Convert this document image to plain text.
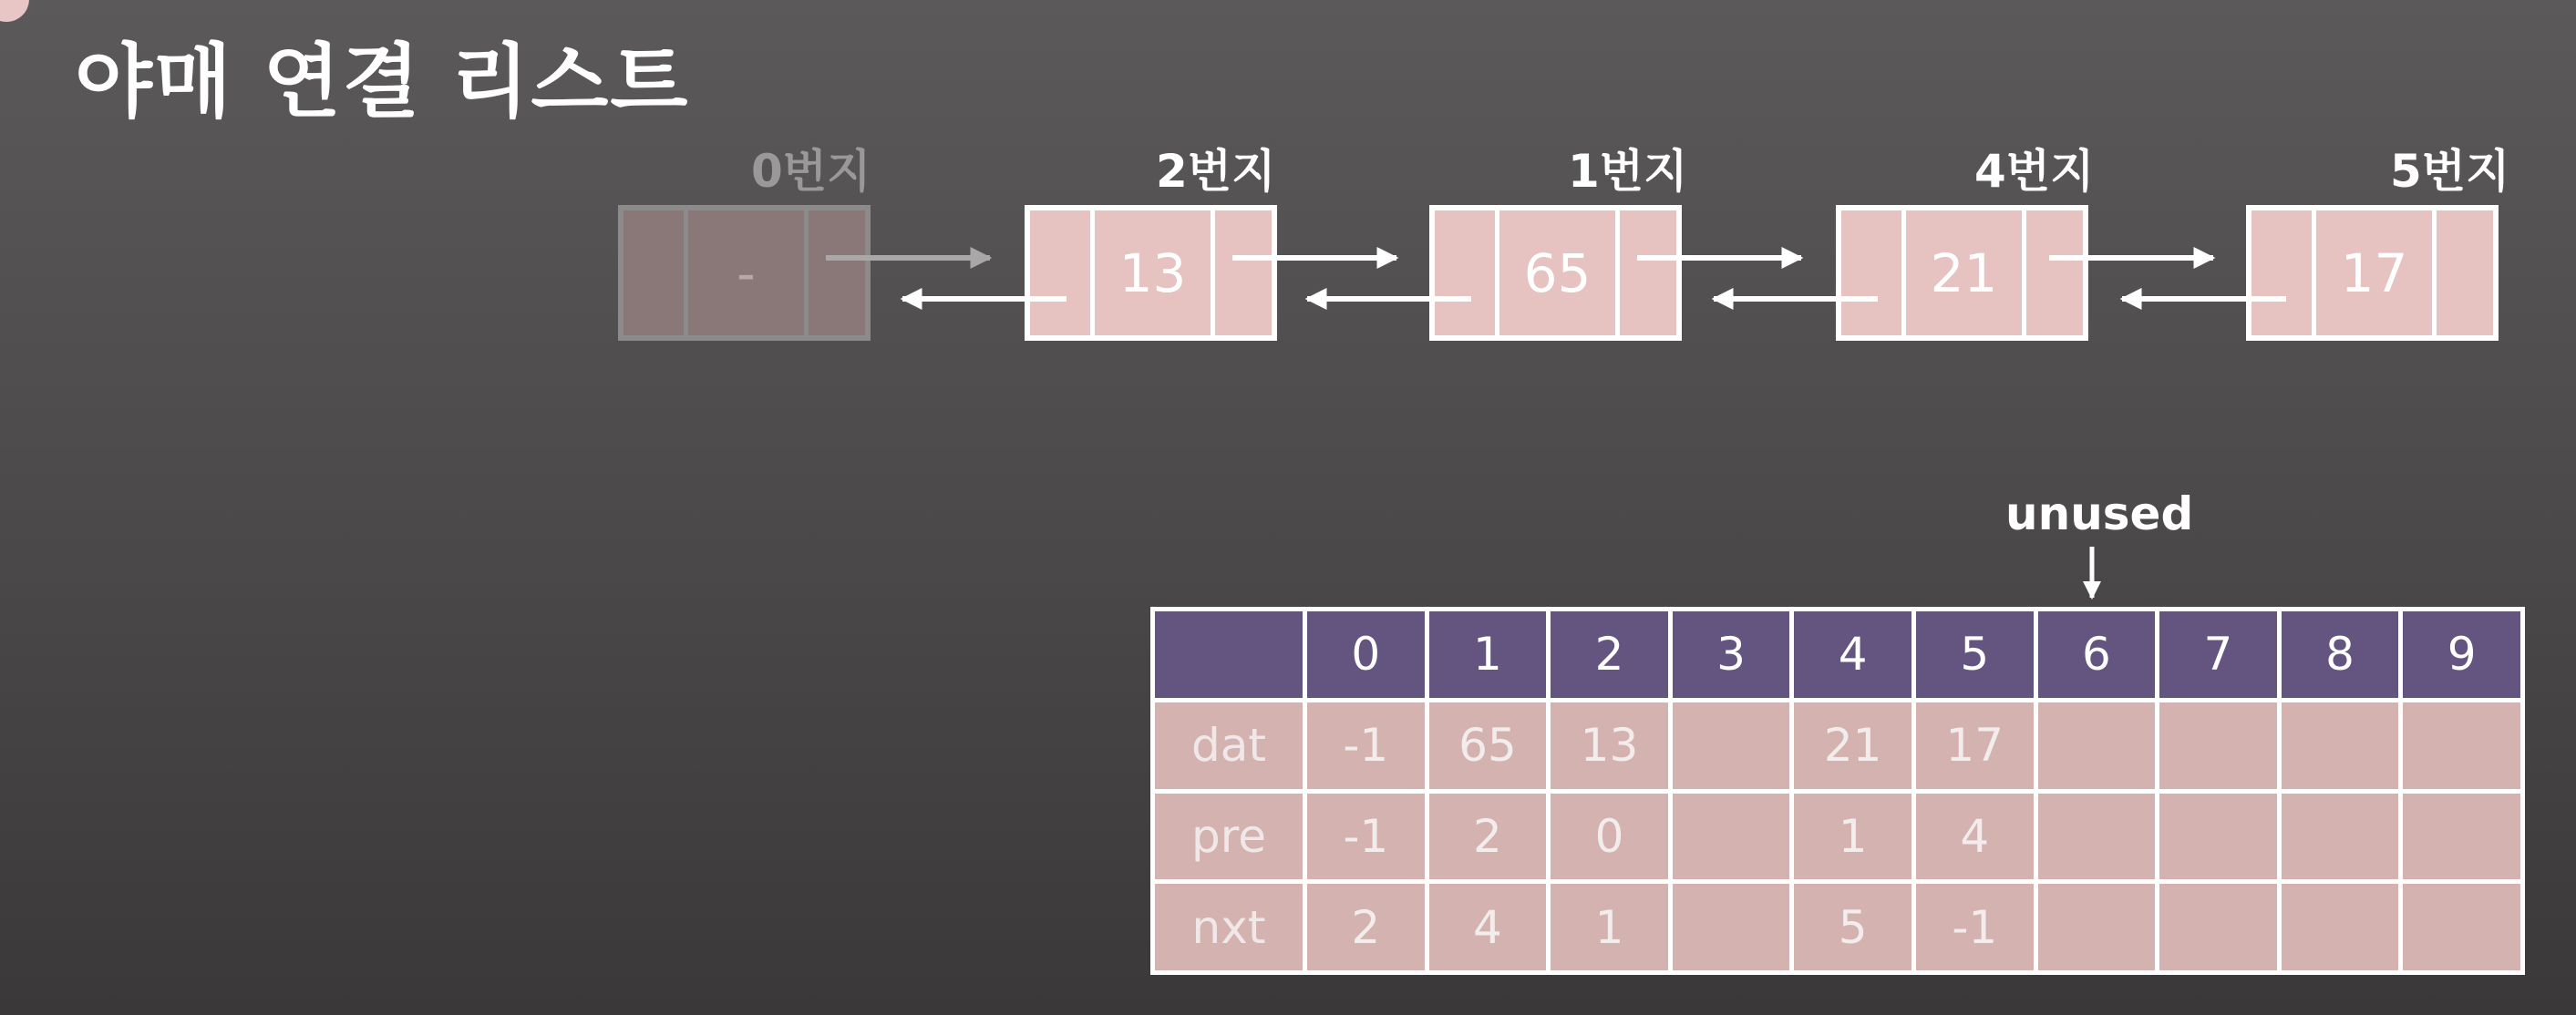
야매 연결 리스트
0번지	2번지	1번지	4번지	5번지
-	13	65	21	17
unused
	0	1	2	3	4	5	6	7	8	9
dat	-1	65	13		21	17				
pre	-1	2	0		1	4				
nxt	2	4	1		5	-1				
